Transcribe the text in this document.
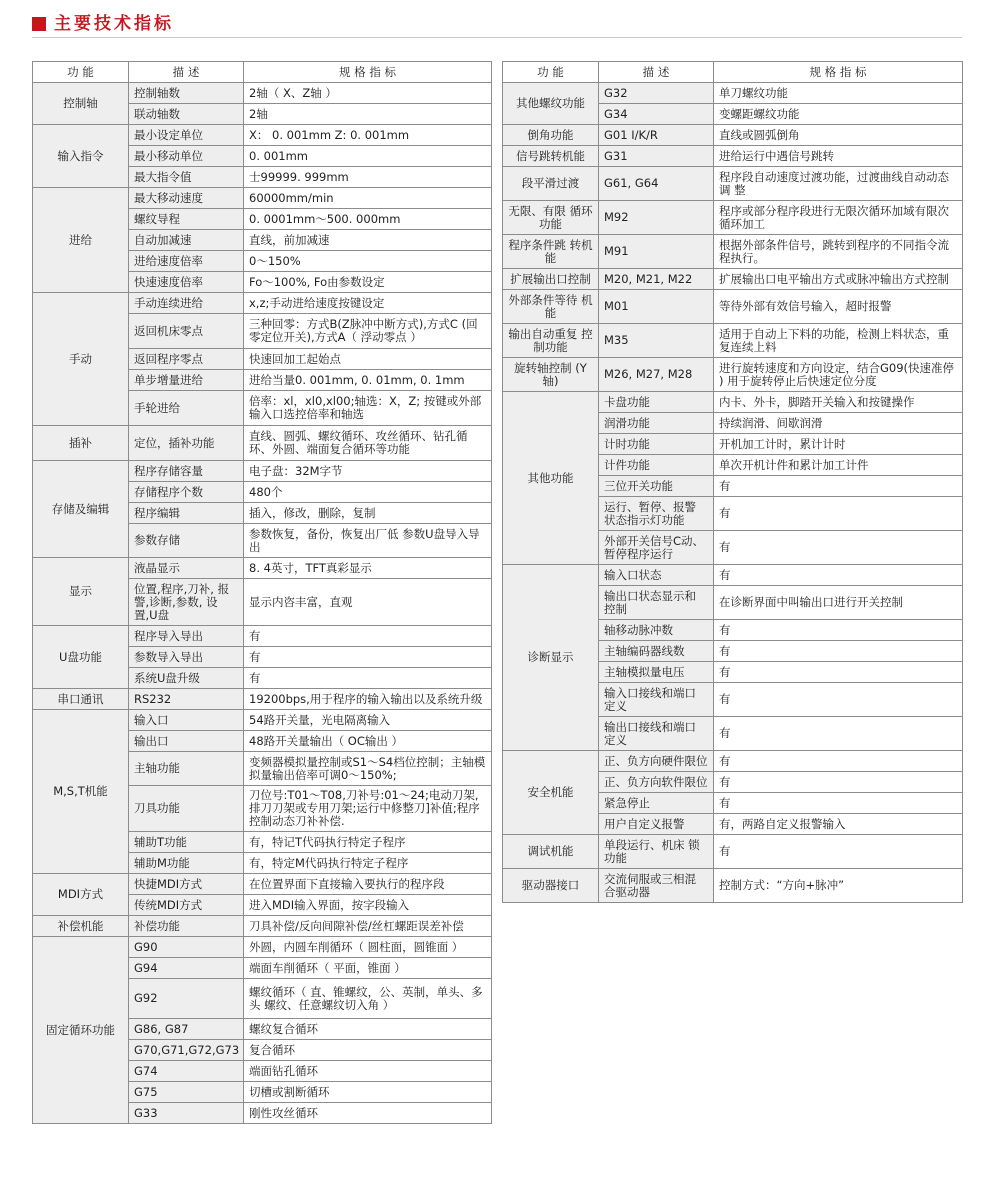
主要技术指标
功 能	描 述	规 格 指 标
控制轴	控制轴数	2轴（ X、Z轴 ）
	联动轴数	2轴
输入指令	最小设定单位	X： 0. 001mm Z: 0. 001mm
	最小移动单位	0. 001mm
	最大指令值	士99999. 999mm
进给	最大移动速度	60000mm/min
	螺纹导程	0. 0001mm～500. 000mm
	自动加减速	直线，前加减速
	进给速度倍率	0～150%
	快速速度倍率	Fo～100%, Fo由参数设定
手动	手动连续进给	x,z;手动进给速度按键设定
	返回机床零点	三种回零：方式B(Z脉冲中断方式),方式C (回零定位开关),方式A（ 浮动零点 ）
	返回程序零点	快速回加工起始点
	单步增量进给	进给当量0. 001mm, 0. 01mm, 0. 1mm
	手轮进给	倍率：xl，xl0,xl00;轴选：X，Z; 按键或外部 输入口选控倍率和轴选
插补	定位，插补功能	直线、圆弧、螺纹循环、攻丝循环、钻孔循环、外圆、端面复合循环等功能
存储及编辑	程序存储容量	电子盘：32M字节
	存储程序个数	480个
	程序编辑	插入，修改，删除，复制
	参数存储	参数恢复，备份，恢复出厂低 参数U盘导入导出
显示	液晶显示	8. 4英寸，TFT真彩显示
	位置,程序,刀补, 报警,诊断,参数, 设置,U盘	显示内咨丰富，直观
U盘功能	程序导入导出	有
	参数导入导出	有
	系统U盘升级	有
串口通讯	RS232	19200bps,用于程序的输入输出以及系统升级
M,S,T机能	输入口	54路开关量，光电隔离输入
	输出口	48路开关量输出（ OC输出 ）
	主轴功能	变频器模拟量控制或S1～S4档位控制；主轴模拟量输出倍率可调0～150%;
	刀具功能	刀位号:T01～T08,刀补号:01～24;电动刀架,排刀刀架或专用刀架;运行中修整刀]补值;程序 控制动态刀补补偿.
	辅助T功能	有，特记T代码执行特定子程序
	辅助M功能	有，特定M代码执行特定子程序
MDI方式	快捷MDI方式	在位置界面下直接输入要执行的程序段
	传统MDI方式	进入MDI输入界面，按字段输入
补偿机能	补偿功能	刀具补偿/反向间隙补偿/丝杠螺距误差补偿
固定循环功能	G90	外圆，内圆车削循环（ 圆柱面，圆锥面 ）
	G94	端面车削循环（ 平面，锥面 ）
	G92	螺纹循环（ 直、锥螺纹，公、英制，单头、多头 螺纹、任意螺纹切入角 ）
	G86, G87	螺纹复合循环
	G70,G71,G72,G73	复合循环
	G74	端面钻孔循环
	G75	切槽或割断循环
	G33	刚性攻丝循环
功 能	描 述	规 格 指 标
其他螺纹功能	G32	单刀螺纹功能
	G34	变螺距螺纹功能
倒角功能	G01 I/K/R	直线或圆弧倒角
信号跳转机能	G31	进给运行中遇信号跳转
段平滑过渡	G61, G64	程序段自动速度过渡功能，过渡曲线自动动态调 整
无限、有限 循环功能	M92	程序或部分程序段进行无限次循环加域有限次循环加工
程序条件跳 转机能	M91	根据外部条件信号，跳转到程序的不同指令流程执行。
扩展输出口控制	M20, M21, M22	扩展输出口电平输出方式或脉冲输出方式控制
外部条件等待 机能	M01	等待外部有效信号输入，超时报警
输出自动重复 控制功能	M35	适用于自动上下料的功能，检测上料状态，重复连续上料
旋转轴控制 (Y 轴)	M26, M27, M28	进行旋转速度和方向设定，结合G09(快速准停 ) 用于旋转停止后快速定位分度
其他功能	卡盘功能	内卡、外卡，脚踏开关输入和按键操作
	润滑功能	持续润滑、间歇润滑
	计时功能	开机加工计时，累计计时
	计件功能	单次开机计件和累计加工计件
	三位开关功能	有
	运行、暂停、报警 状态指示灯功能	有
	外部开关信号C动、 暂停程序运行	有
诊断显示	输入口状态	有
	输出口状态显示和 控制	在诊断界面中叫输出口进行开关控制
	轴移动脉冲数	有
	主轴编码器线数	有
	主轴模拟量电压	有
	输入口接线和端口 定义	有
	输出口接线和端口 定义	有
安全机能	正、负方向硬件限位	有
	正、负方向软件限位	有
	紧急停止	有
	用户自定义报警	有，两路自定义报警输入
调试机能	单段运行、机床 锁功能	有
驱动器接口	交流伺服或三相混 合驱动器	控制方式：“方向+脉冲”
